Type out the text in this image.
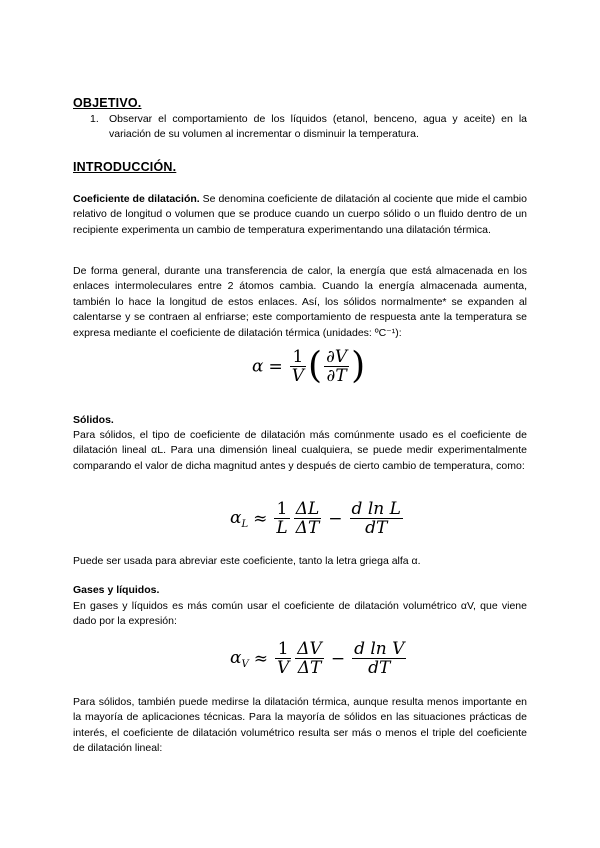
OBJETIVO.
1. Observar el comportamiento de los líquidos (etanol, benceno, agua y aceite) en la variación de su volumen al incrementar o disminuir la temperatura.
INTRODUCCIÓN.
Coeficiente de dilatación. Se denomina coeficiente de dilatación al cociente que mide el cambio relativo de longitud o volumen que se produce cuando un cuerpo sólido o un fluido dentro de un recipiente experimenta un cambio de temperatura experimentando una dilatación térmica.
De forma general, durante una transferencia de calor, la energía que está almacenada en los enlaces intermoleculares entre 2 átomos cambia. Cuando la energía almacenada aumenta, también lo hace la longitud de estos enlaces. Así, los sólidos normalmente* se expanden al calentarse y se contraen al enfriarse; este comportamiento de respuesta ante la temperatura se expresa mediante el coeficiente de dilatación térmica (unidades: ºC⁻¹):
$\alpha = \frac{1}{V}$ ( $\frac{\partial V}{\partial T}$ )
Sólidos.
Para sólidos, el tipo de coeficiente de dilatación más comúnmente usado es el coeficiente de dilatación lineal αL. Para una dimensión lineal cualquiera, se puede medir experimentalmente comparando el valor de dicha magnitud antes y después de cierto cambio de temperatura, como:
$\alpha_L \approx \frac{1}{L} \frac{\Delta L}{\Delta T} - \frac{\text{d ln L}}{dT}$
Puede ser usada para abreviar este coeficiente, tanto la letra griega alfa α.
Gases y líquidos.
En gases y líquidos es más común usar el coeficiente de dilatación volumétrico αV, que viene dado por la expresión:
$\alpha_V \approx \frac{1}{V} \frac{\Delta V}{\Delta T} - \frac{\text{d ln V}}{dT}$
Para sólidos, también puede medirse la dilatación térmica, aunque resulta menos importante en la mayoría de aplicaciones técnicas. Para la mayoría de sólidos en las situaciones prácticas de interés, el coeficiente de dilatación volumétrico resulta ser más o menos el triple del coeficiente de dilatación lineal:
